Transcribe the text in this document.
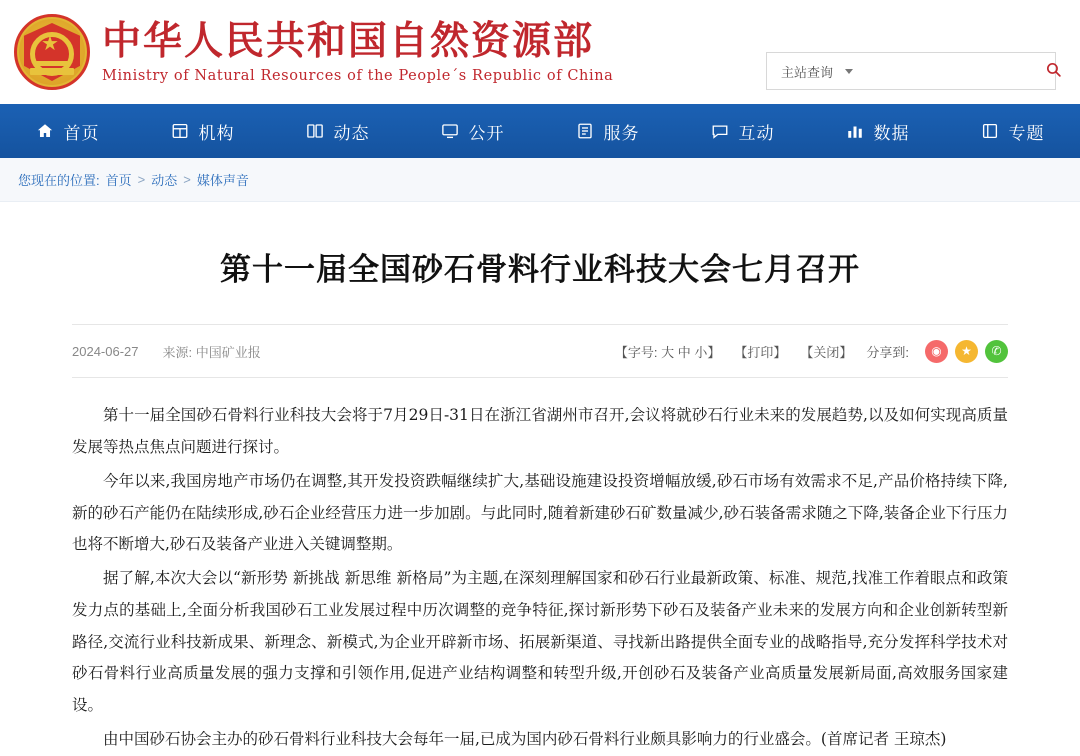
中华人民共和国自然资源部
Ministry of Natural Resources of the People´s Republic of China	主站查询
首页	机构	动态	公开	服务	互动	数据	专题
您现在的位置: 首页 > 动态 > 媒体声音
第十一届全国砂石骨料行业科技大会七月召开
2024-06-27 来源: 中国矿业报	【字号: 大 中 小】 【打印】 【关闭】 分享到:	◉	★	✆

第十一届全国砂石骨料行业科技大会将于7月29日-31日在浙江省湖州市召开,会议将就砂石行业未来的发展趋势,以及如何实现高质量发展等热点焦点问题进行探讨。

今年以来,我国房地产市场仍在调整,其开发投资跌幅继续扩大,基础设施建设投资增幅放缓,砂石市场有效需求不足,产品价格持续下降,新的砂石产能仍在陆续形成,砂石企业经营压力进一步加剧。与此同时,随着新建砂石矿数量减少,砂石装备需求随之下降,装备企业下行压力也将不断增大,砂石及装备产业进入关键调整期。

据了解,本次大会以“新形势 新挑战 新思维 新格局”为主题,在深刻理解国家和砂石行业最新政策、标准、规范,找准工作着眼点和政策发力点的基础上,全面分析我国砂石工业发展过程中历次调整的竞争特征,探讨新形势下砂石及装备产业未来的发展方向和企业创新转型新路径,交流行业科技新成果、新理念、新模式,为企业开辟新市场、拓展新渠道、寻找新出路提供全面专业的战略指导,充分发挥科学技术对砂石骨料行业高质量发展的强力支撑和引领作用,促进产业结构调整和转型升级,开创砂石及装备产业高质量发展新局面,高效服务国家建设。

由中国砂石协会主办的砂石骨料行业科技大会每年一届,已成为国内砂石骨料行业颇具影响力的行业盛会。(首席记者 王琼杰)
